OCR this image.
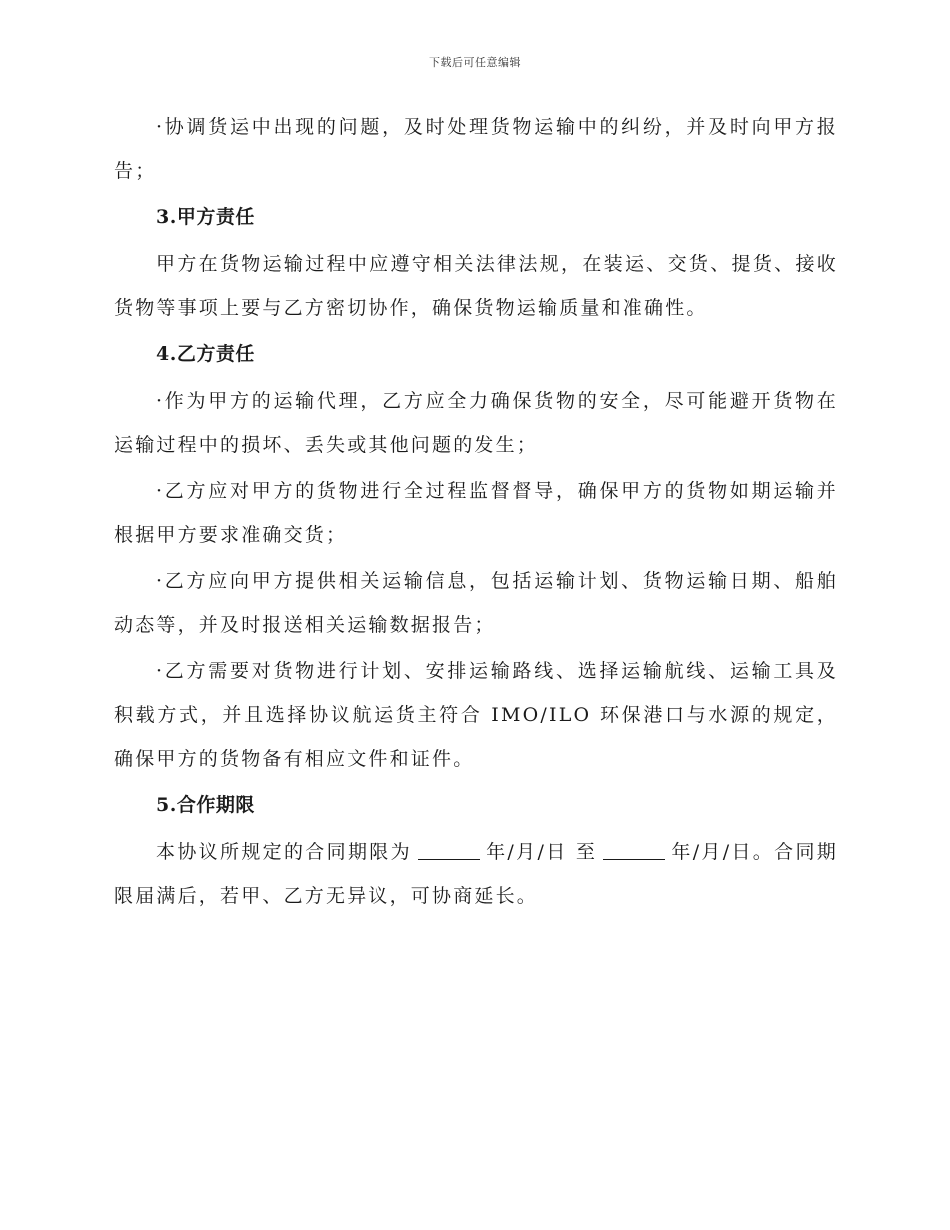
下载后可任意编辑

·协调货运中出现的问题，及时处理货物运输中的纠纷，并及时向甲方报告；

3.甲方责任

甲方在货物运输过程中应遵守相关法律法规，在装运、交货、提货、接收货物等事项上要与乙方密切协作，确保货物运输质量和准确性。

4.乙方责任

·作为甲方的运输代理，乙方应全力确保货物的安全，尽可能避开货物在运输过程中的损坏、丢失或其他问题的发生；

·乙方应对甲方的货物进行全过程监督督导，确保甲方的货物如期运输并根据甲方要求准确交货；

·乙方应向甲方提供相关运输信息，包括运输计划、货物运输日期、船舶动态等，并及时报送相关运输数据报告；

·乙方需要对货物进行计划、安排运输路线、选择运输航线、运输工具及积载方式，并且选择协议航运货主符合 IMO/ILO 环保港口与水源的规定，确保甲方的货物备有相应文件和证件。

5.合作期限

本协议所规定的合同期限为	年/月/日 至	年/月/日。合同期限届满后，若甲、乙方无异议，可协商延长。
